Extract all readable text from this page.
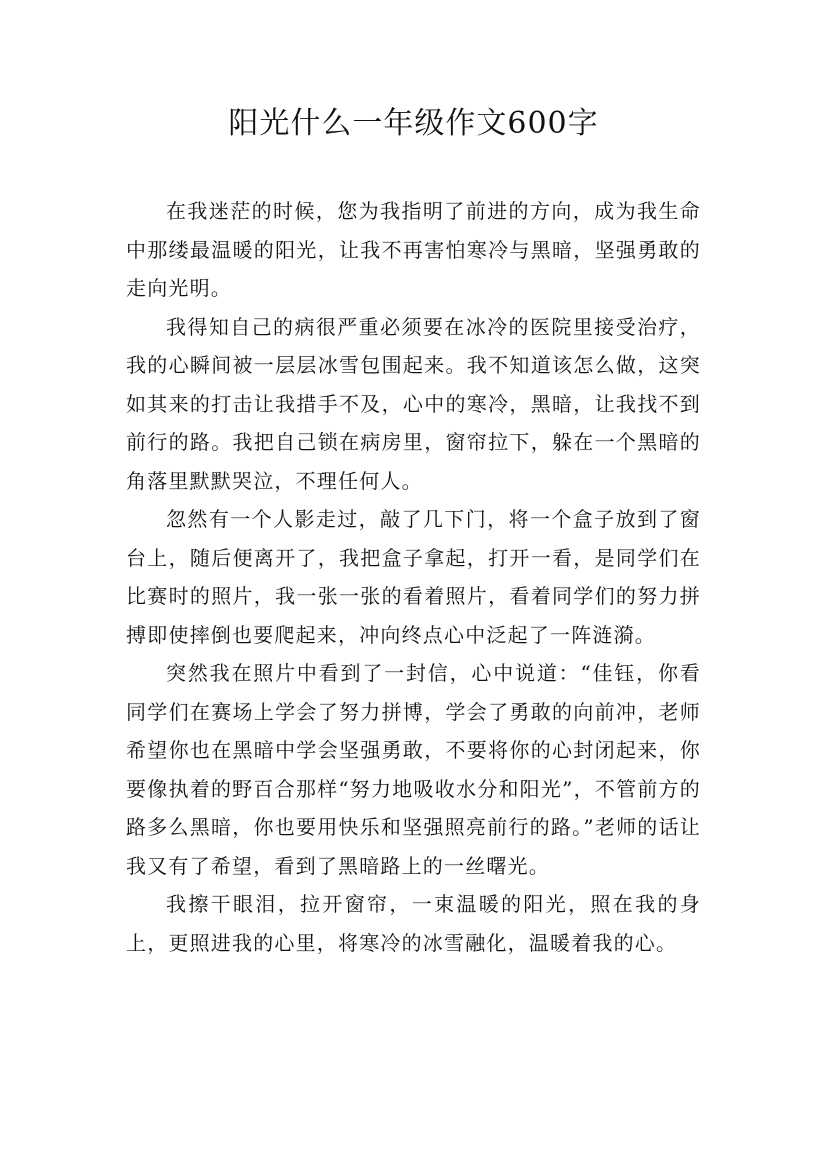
阳光什么一年级作文600字

在我迷茫的时候，您为我指明了前进的方向，成为我生命中那缕最温暖的阳光，让我不再害怕寒冷与黑暗，坚强勇敢的走向光明。

我得知自己的病很严重必须要在冰冷的医院里接受治疗，我的心瞬间被一层层冰雪包围起来。我不知道该怎么做，这突如其来的打击让我措手不及，心中的寒冷，黑暗，让我找不到前行的路。我把自己锁在病房里，窗帘拉下，躲在一个黑暗的角落里默默哭泣，不理任何人。

忽然有一个人影走过，敲了几下门，将一个盒子放到了窗台上，随后便离开了，我把盒子拿起，打开一看，是同学们在比赛时的照片，我一张一张的看着照片，看着同学们的努力拼搏即使摔倒也要爬起来，冲向终点心中泛起了一阵涟漪。

突然我在照片中看到了一封信，心中说道：“佳钰，你看同学们在赛场上学会了努力拼博，学会了勇敢的向前冲，老师希望你也在黑暗中学会坚强勇敢，不要将你的心封闭起来，你要像执着的野百合那样“努力地吸收水分和阳光”，不管前方的路多么黑暗，你也要用快乐和坚强照亮前行的路。”老师的话让我又有了希望，看到了黑暗路上的一丝曙光。

我擦干眼泪，拉开窗帘，一束温暖的阳光，照在我的身上，更照进我的心里，将寒冷的冰雪融化，温暖着我的心。
